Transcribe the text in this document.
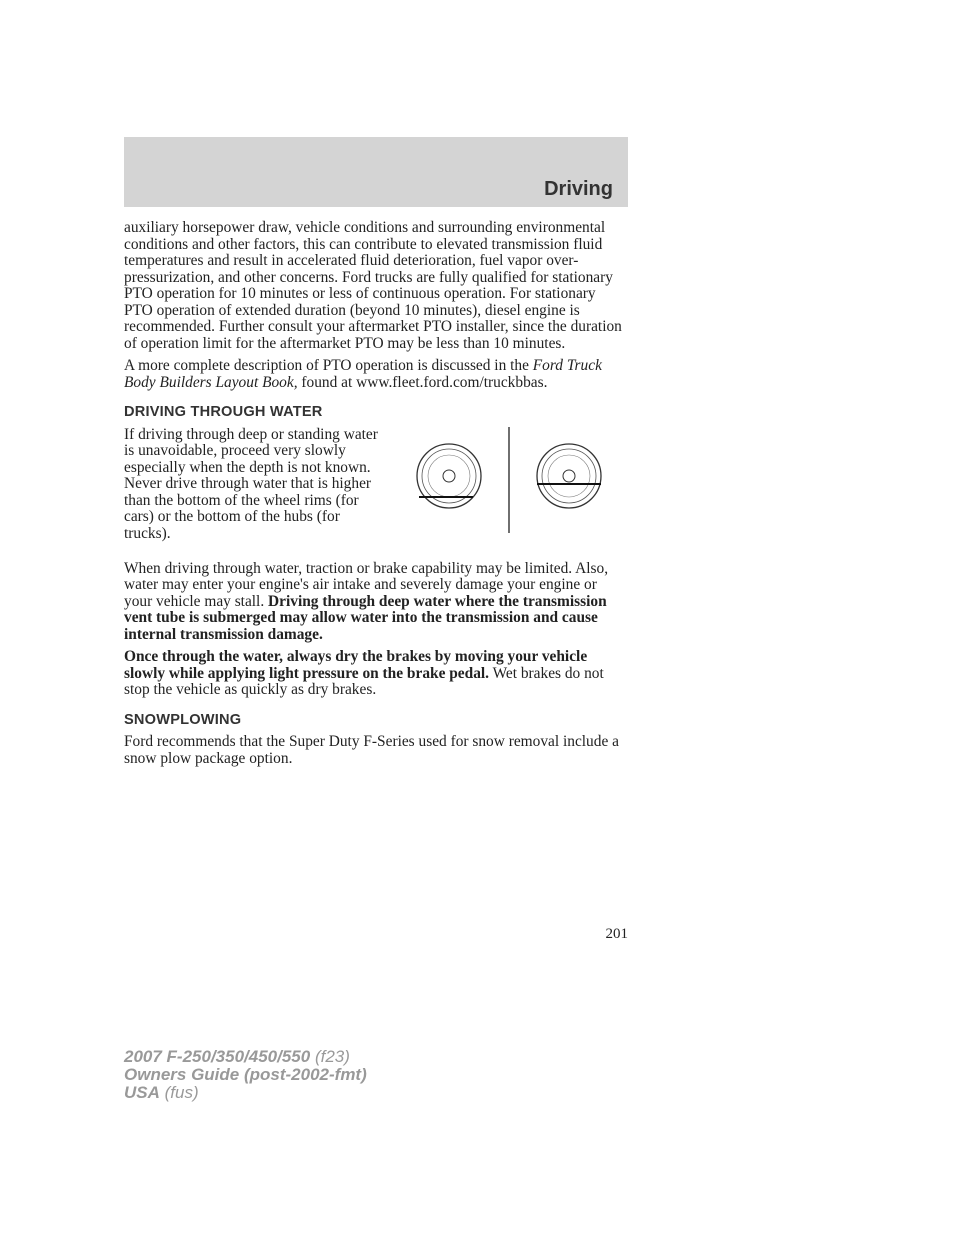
Driving

auxiliary horsepower draw, vehicle conditions and surrounding environmental conditions and other factors, this can contribute to elevated transmission fluid temperatures and result in accelerated fluid deterioration, fuel vapor over-pressurization, and other concerns. Ford trucks are fully qualified for stationary PTO operation for 10 minutes or less of continuous operation. For stationary PTO operation of extended duration (beyond 10 minutes), diesel engine is recommended. Further consult your aftermarket PTO installer, since the duration of operation limit for the aftermarket PTO may be less than 10 minutes.

A more complete description of PTO operation is discussed in the Ford Truck Body Builders Layout Book, found at www.fleet.ford.com/truckbbas.

DRIVING THROUGH WATER
If driving through deep or standing water is unavoidable, proceed very slowly especially when the depth is not known. Never drive through water that is higher than the bottom of the wheel rims (for cars) or the bottom of the hubs (for trucks).

When driving through water, traction or brake capability may be limited. Also, water may enter your engine's air intake and severely damage your engine or your vehicle may stall. Driving through deep water where the transmission vent tube is submerged may allow water into the transmission and cause internal transmission damage.

Once through the water, always dry the brakes by moving your vehicle slowly while applying light pressure on the brake pedal. Wet brakes do not stop the vehicle as quickly as dry brakes.

SNOWPLOWING

Ford recommends that the Super Duty F-Series used for snow removal include a snow plow package option.

201
2007 F-250/350/450/550 (f23)
Owners Guide (post-2002-fmt)
USA (fus)
